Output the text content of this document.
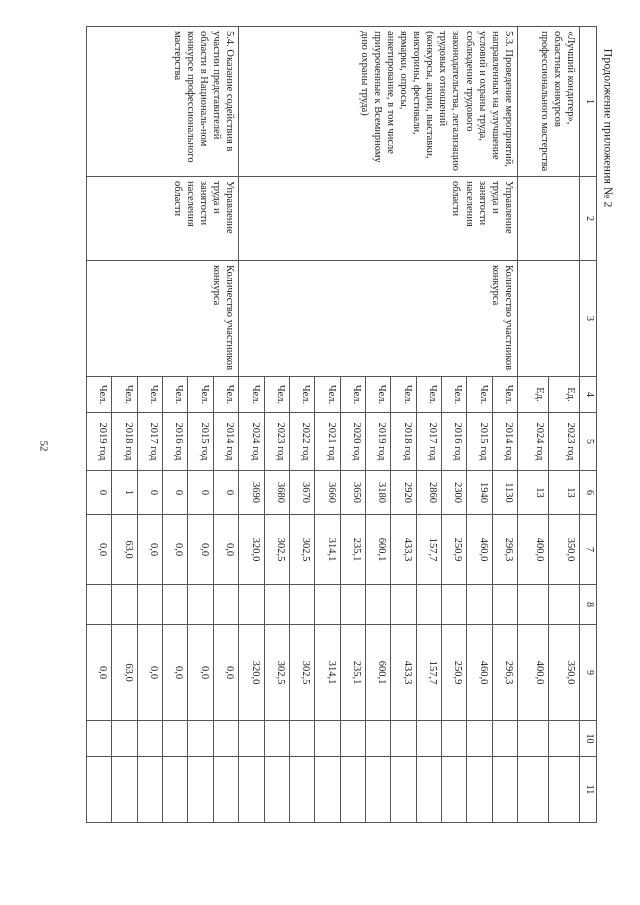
52
Продолжение приложения № 2
1	2	3	4	5	6	7	8	9	10	11
«Лучший кондитер», областных конкурсов профессионального мастерства			Ед.	2023 год	13	350,0		350,0		
			Ед.	2024 год	13	400,0		400,0		
5.3. Проведение мероприятий, направленных на улучшение условий и охраны труда, соблюдение трудового законодательства, легализацию трудовых отношений (конкурсы, акции, выставки, викторины, фестивали, ярмарки, опросы, анкетирование, в том числе приуроченные к Всемирному дню охраны труда)	Управление труда и занятости населения области	Количество участников конкурса	Чел.	2014 год	1130	296,3		296,3		
			Чел.	2015 год	1940	460,0		460,0		
			Чел.	2016 год	2300	250,9		250,9		
			Чел.	2017 год	2860	157,7		157,7		
			Чел.	2018 год	2920	433,3		433,3		
			Чел.	2019 год	3180	600,1		600,1		
			Чел.	2020 год	3650	235,1		235,1		
			Чел.	2021 год	3660	314,1		314,1		
			Чел.	2022 год	3670	302,5		302,5		
			Чел.	2023 год	3680	302,5		302,5		
			Чел.	2024 год	3690	320,0		320,0		
5.4. Оказание содействия в участии представителей области в Националь-ном конкурсе профессионального мастерства	Управление труда и занятости населения области	Количество участников конкурса	Чел.	2014 год	0	0,0		0,0		
			Чел.	2015 год	0	0,0		0,0		
			Чел.	2016 год	0	0,0		0,0		
			Чел.	2017 год	0	0,0		0,0		
			Чел.	2018 год	1	63,0		63,0		
			Чел.	2019 год	0	0,0		0,0		
